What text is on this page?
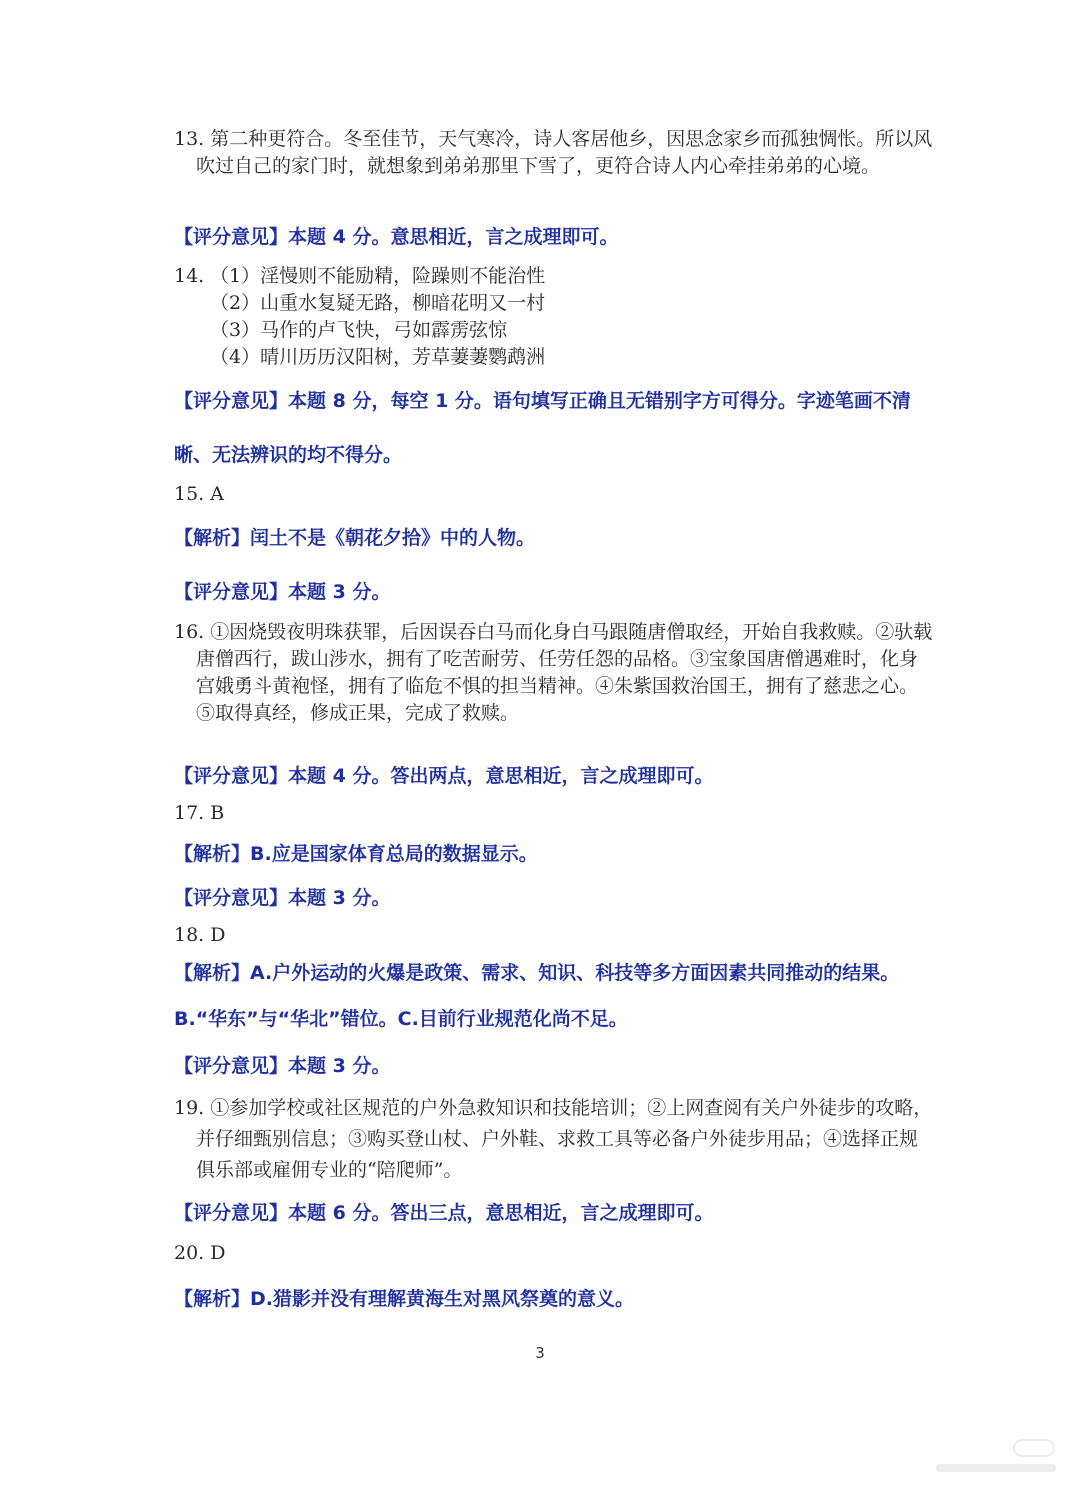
13. 第二种更符合。冬至佳节，天气寒冷，诗人客居他乡，因思念家乡而孤独惆怅。所以风吹过自己的家门时，就想象到弟弟那里下雪了，更符合诗人内心牵挂弟弟的心境。

【评分意见】本题 4 分。意思相近，言之成理即可。

14. （1）淫慢则不能励精，险躁则不能治性

（2）山重水复疑无路，柳暗花明又一村

（3）马作的卢飞快，弓如霹雳弦惊

（4）晴川历历汉阳树，芳草萋萋鹦鹉洲

【评分意见】本题 8 分，每空 1 分。语句填写正确且无错别字方可得分。字迹笔画不清晰、无法辨识的均不得分。
15. A
【解析】闰土不是《朝花夕拾》中的人物。
【评分意见】本题 3 分。

16. ①因烧毁夜明珠获罪，后因误吞白马而化身白马跟随唐僧取经，开始自我救赎。②驮载唐僧西行，跋山涉水，拥有了吃苦耐劳、任劳任怨的品格。③宝象国唐僧遇难时，化身宫娥勇斗黄袍怪，拥有了临危不惧的担当精神。④朱紫国救治国王，拥有了慈悲之心。⑤取得真经，修成正果，完成了救赎。

【评分意见】本题 4 分。答出两点，意思相近，言之成理即可。
17. B
【解析】B.应是国家体育总局的数据显示。
【评分意见】本题 3 分。
18. D
【解析】A.户外运动的火爆是政策、需求、知识、科技等多方面因素共同推动的结果。B.“华东”与“华北”错位。C.目前行业规范化尚不足。
【评分意见】本题 3 分。

19. ①参加学校或社区规范的户外急救知识和技能培训；②上网查阅有关户外徒步的攻略，并仔细甄别信息；③购买登山杖、户外鞋、求救工具等必备户外徒步用品；④选择正规俱乐部或雇佣专业的“陪爬师”。

【评分意见】本题 6 分。答出三点，意思相近，言之成理即可。
20. D
【解析】D.猎影并没有理解黄海生对黑风祭奠的意义。
3
